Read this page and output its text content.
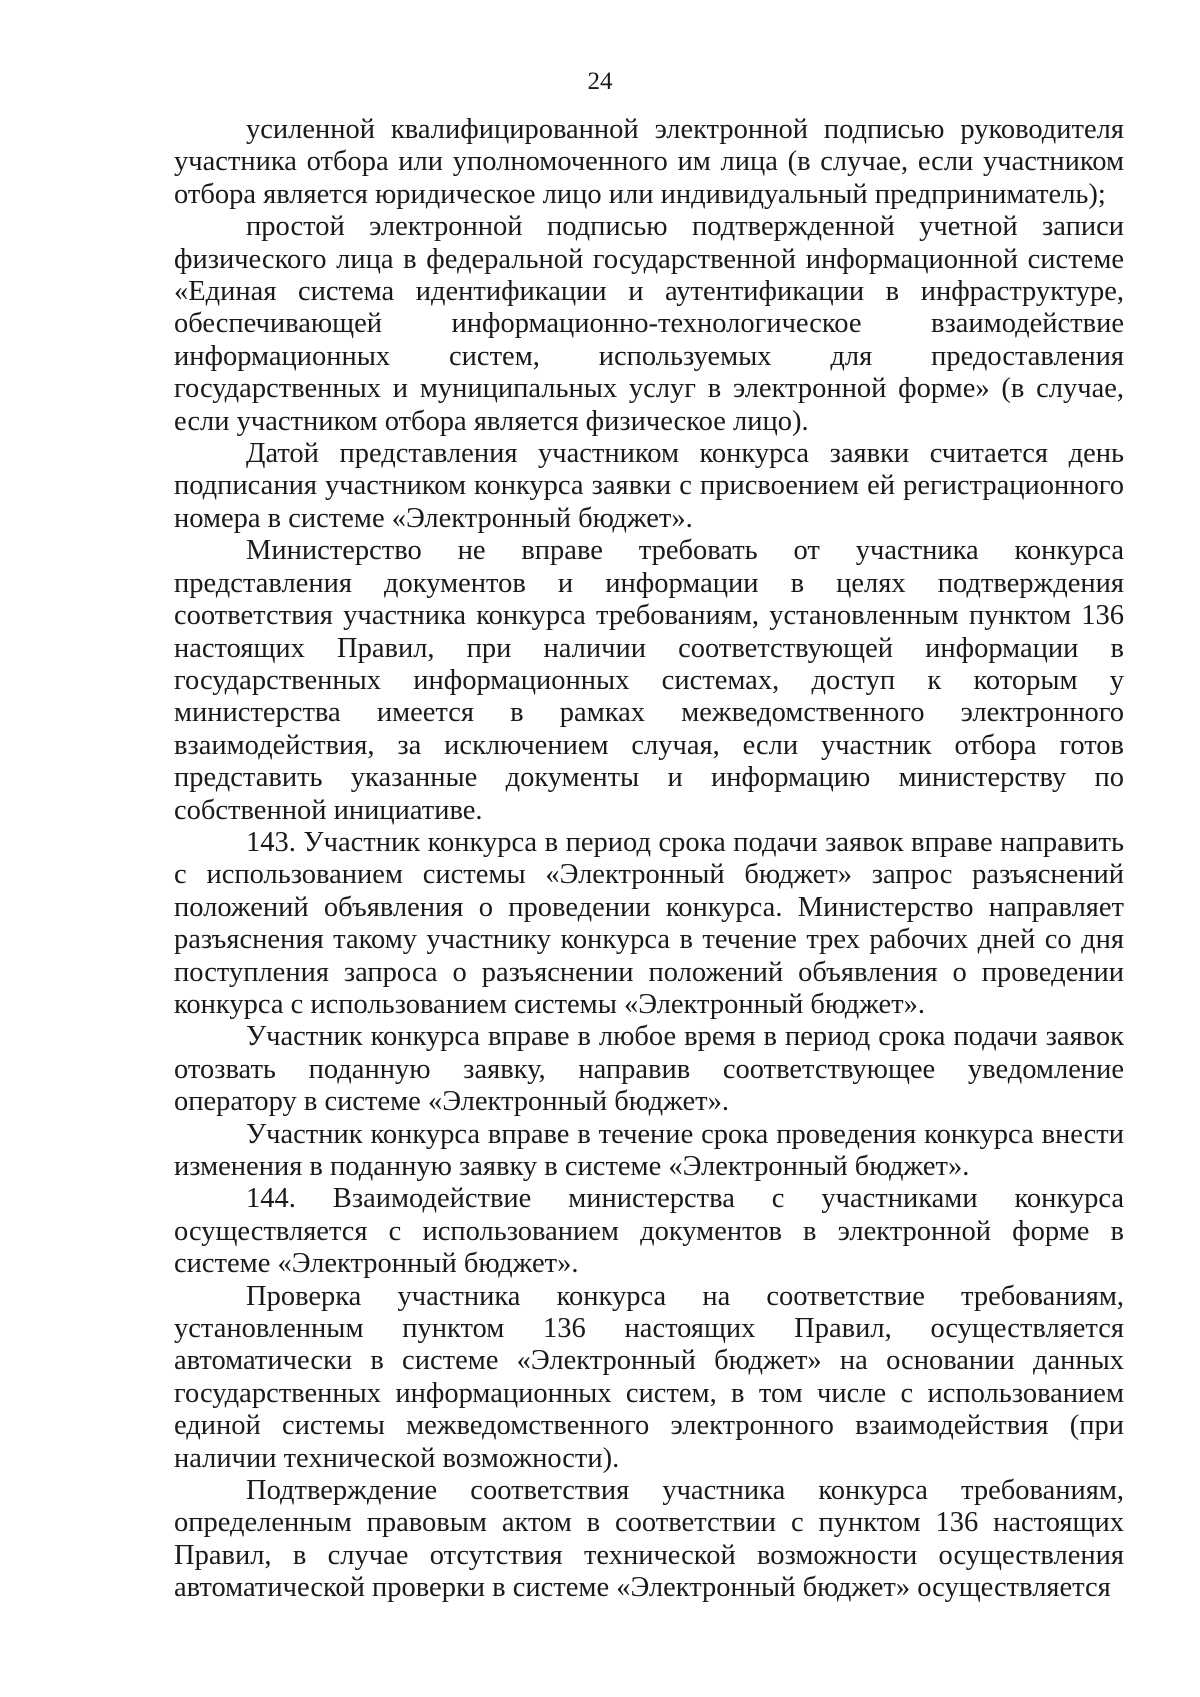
24

усиленной квалифицированной электронной подписью руководителя участника отбора или уполномоченного им лица (в случае, если участником отбора является юридическое лицо или индивидуальный предприниматель);

простой электронной подписью подтвержденной учетной записи физического лица в федеральной государственной информационной системе «Единая система идентификации и аутентификации в инфраструктуре, обеспечивающей информационно-технологическое взаимодействие информационных систем, используемых для предоставления государственных и муниципальных услуг в электронной форме» (в случае, если участником отбора является физическое лицо).

Датой представления участником конкурса заявки считается день подписания участником конкурса заявки с присвоением ей регистрационного номера в системе «Электронный бюджет».

Министерство не вправе требовать от участника конкурса представления документов и информации в целях подтверждения соответствия участника конкурса требованиям, установленным пунктом 136 настоящих Правил, при наличии соответствующей информации в государственных информационных системах, доступ к которым у министерства имеется в рамках межведомственного электронного взаимодействия, за исключением случая, если участник отбора готов представить указанные документы и информацию министерству по собственной инициативе.

143. Участник конкурса в период срока подачи заявок вправе направить с использованием системы «Электронный бюджет» запрос разъяснений положений объявления о проведении конкурса. Министерство направляет разъяснения такому участнику конкурса в течение трех рабочих дней со дня поступления запроса о разъяснении положений объявления о проведении конкурса с использованием системы «Электронный бюджет».

Участник конкурса вправе в любое время в период срока подачи заявок отозвать поданную заявку, направив соответствующее уведомление оператору в системе «Электронный бюджет».

Участник конкурса вправе в течение срока проведения конкурса внести изменения в поданную заявку в системе «Электронный бюджет».

144. Взаимодействие министерства с участниками конкурса осуществляется с использованием документов в электронной форме в системе «Электронный бюджет».

Проверка участника конкурса на соответствие требованиям, установленным пунктом 136 настоящих Правил, осуществляется автоматически в системе «Электронный бюджет» на основании данных государственных информационных систем, в том числе с использованием единой системы межведомственного электронного взаимодействия (при наличии технической возможности).

Подтверждение соответствия участника конкурса требованиям, определенным правовым актом в соответствии с пунктом 136 настоящих Правил, в случае отсутствия технической возможности осуществления автоматической проверки в системе «Электронный бюджет» осуществляется
